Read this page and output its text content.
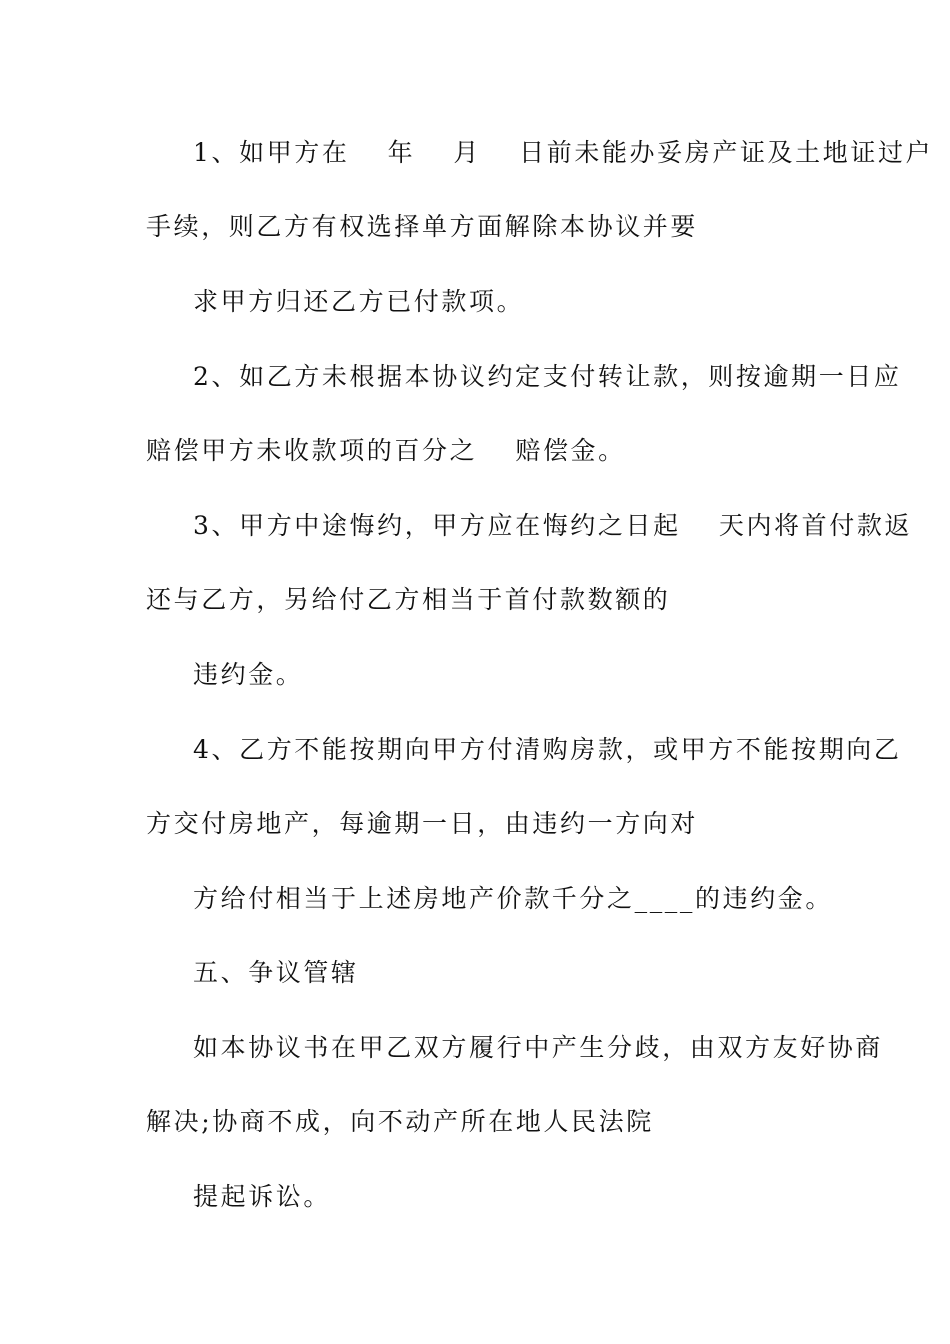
1、如甲方在　 年 　月　 日前未能办妥房产证及土地证过户
手续，则乙方有权选择单方面解除本协议并要
求甲方归还乙方已付款项。
2、如乙方未根据本协议约定支付转让款，则按逾期一日应
赔偿甲方未收款项的百分之　 赔偿金。
3、甲方中途悔约，甲方应在悔约之日起　 天内将首付款返
还与乙方，另给付乙方相当于首付款数额的
违约金。
4、乙方不能按期向甲方付清购房款，或甲方不能按期向乙
方交付房地产，每逾期一日，由违约一方向对
方给付相当于上述房地产价款千分之____的违约金。
五、争议管辖
如本协议书在甲乙双方履行中产生分歧，由双方友好协商
解决;协商不成，向不动产所在地人民法院
提起诉讼。
